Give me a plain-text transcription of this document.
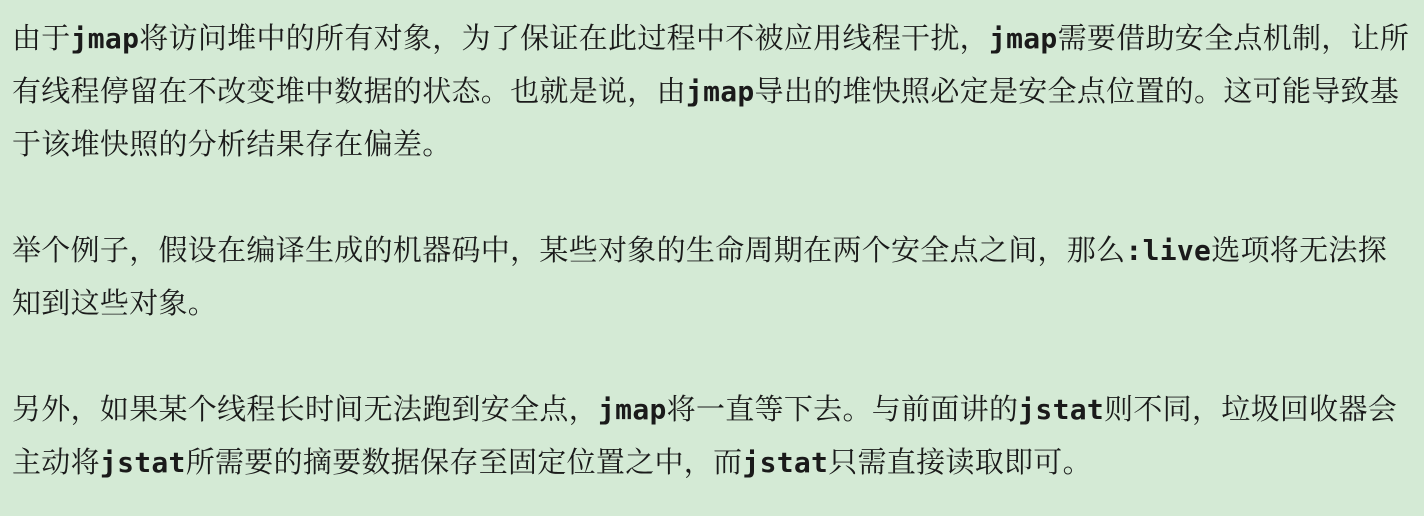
由于jmap将访问堆中的所有对象，为了保证在此过程中不被应用线程干扰，jmap需要借助安全点机制，让所有线程停留在不改变堆中数据的状态。也就是说，由jmap导出的堆快照必定是安全点位置的。这可能导致基于该堆快照的分析结果存在偏差。

举个例子，假设在编译生成的机器码中，某些对象的生命周期在两个安全点之间，那么:live选项将无法探知到这些对象。

另外，如果某个线程长时间无法跑到安全点，jmap将一直等下去。与前面讲的jstat则不同，垃圾回收器会主动将jstat所需要的摘要数据保存至固定位置之中，而jstat只需直接读取即可。
